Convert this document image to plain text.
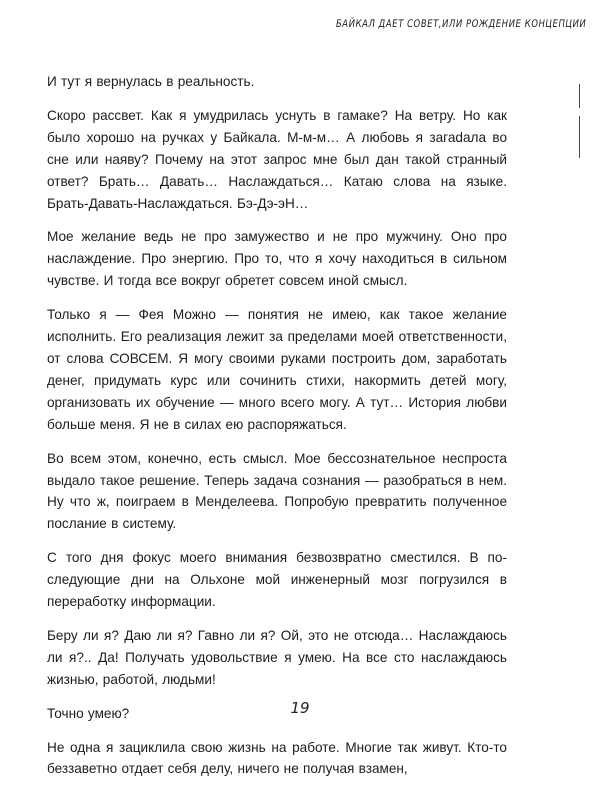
БАЙКАЛ ДАЕТ СОВЕТ,ИЛИ РОЖДЕНИЕ КОНЦЕПЦИИ

И тут я вернулась в реальность.

Скоро рассвет. Как я умудрилась уснуть в гамаке? На ветру. Но как было хорошо на ручках у Байкала. М-м-м… А любовь я загаdала во сне или наяву? Почему на этот запрос мне был дан такой странный ответ? Брать… Давать… Наслаждаться… Катаю слова на языке. Брать-Давать-Наслаждаться. Бэ-Дэ-эН…

Мое желание ведь не про замужество и не про мужчину. Оно про наслаждение. Про энергию. Про то, что я хочу находиться в сильном чувстве. И тогда все вокруг обретет совсем иной смысл.

Только я — Фея Можно — понятия не имею, как такое желание исполнить. Его реализация лежит за пределами моей ответственности, от слова СОВСЕМ. Я могу своими руками построить дом, заработать денег, придумать курс или сочинить стихи, накормить детей могу, организовать их обучение — много всего могу. А тут… История любви больше меня. Я не в силах ею распоряжаться.

Во всем этом, конечно, есть смысл. Мое бессознательное неспроста выдало такое решение. Теперь задача сознания — разобраться в нем. Ну что ж, поиграем в Менделеева. Попробую превратить полученное послание в систему.

С того дня фокус моего внимания безвозвратно сместился. В последующие дни на Ольхоне мой инженерный мозг погрузился в переработку информации.

Беру ли я? Даю ли я? Гавно ли я? Ой, это не отсюда… Наслаждаюсь ли я?.. Да! Получать удовольствие я умею. На все сто наслаждаюсь жизнью, работой, людьми!

Точно умею?

Не одна я зациклила свою жизнь на работе. Многие так живут. Кто-то беззаветно отдает себя делу, ничего не получая взамен,

19
